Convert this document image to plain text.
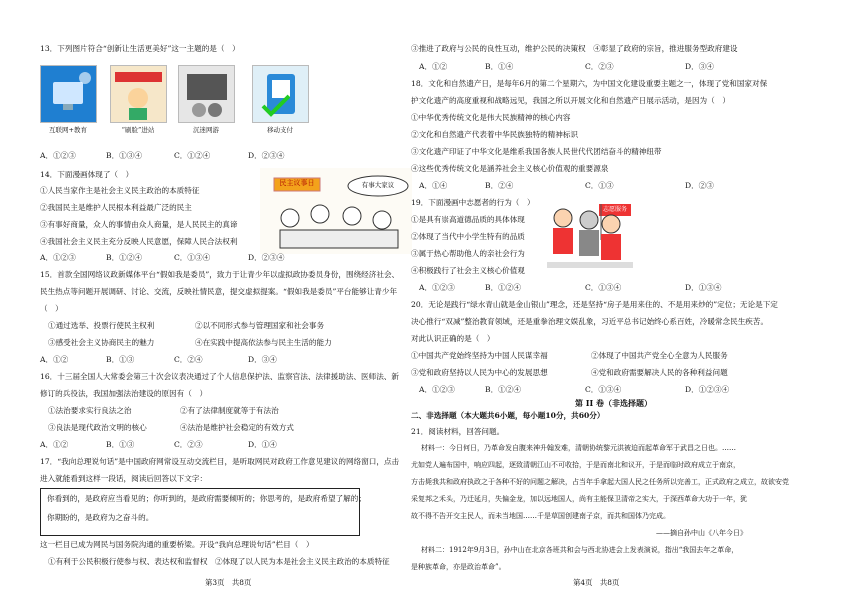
13．下列图片符合“创新让生活更美好”这一主题的是（　）
互联网+教育	“刷脸”进站	沉迷网游	移动支付
A．①②③	B．①③④	C．①②④	D．②③④
14．下面漫画体现了（　）
①人民当家作主是社会主义民主政治的本质特征
②我国民主是维护人民根本利益最广泛的民主
③有事好商量，众人的事情由众人商量，是人民民主的真谛
④我国社会主义民主充分反映人民意愿，保障人民合法权利
民主议事日	有事大家议
A．①②③	B．①②④	C．①③④	D．②③④
15．首款全国网络议政新媒体平台“假如我是委员”，致力于让青少年以虚拟政协委员身份，围绕经济社会、
民生热点等问题开展调研、讨论、交流，反映社情民意，提交虚拟提案。“假如我是委员”平台能够让青少年
（　）
①通过选举、投票行使民主权利	②以不同形式参与管理国家和社会事务
③感受社会主义协商民主的魅力	④在实践中提高依法参与民主生活的能力
A．①②	B．①③	C．②④	D．③④
16．十三届全国人大常委会第三十次会议表决通过了个人信息保护法、监察官法、法律援助法、医师法、新
修订的兵役法，我国加强法治建设的原因有（　）
①法治要求实行良法之治	②有了法律制度就等于有法治
③良法是现代政治文明的核心	④法治是维护社会稳定的有效方式
A．①②	B．①③	C．②③	D．①④
17．“我向总理说句话”是中国政府网常设互动交流栏目，是听取网民对政府工作意见建议的网络窗口，点击
进入就能看到这样一段话，阅读后回答以下文字：
你看到的，是政府应当看见的；你听到的，是政府需要倾听的；你思考的，是政府希望了解的；
你期盼的，是政府为之奋斗的。
这一栏目已成为网民与国务院沟通的重要桥梁。开设“我向总理说句话”栏目（　）
①有利于公民积极行使参与权、表达权和监督权 ②体现了以人民为本是社会主义民主政治的本质特征
第3页　共8页
③推进了政府与公民的良性互动，维护公民的决策权　④彰显了政府的宗旨，推进服务型政府建设
A．①②	B．①④	C．②③	D．③④
18．文化和自然遗产日，是每年6月的第二个星期六，为中国文化建设重要主题之一，体现了党和国家对保
护文化遗产的高度重视和战略远见，我国之所以开展文化和自然遗产日展示活动，是因为（　）
①中华优秀传统文化是伟大民族精神的核心内容
②文化和自然遗产代表着中华民族独特的精神标识
③文化遗产印证了中华文化是维系我国各族人民世代代团结奋斗的精神纽带
④这些优秀传统文化是涵养社会主义核心价值观的重要源泉
A．①④	B．②④	C．①③	D．②③
19．下面漫画中志愿者的行为（　）
①是具有崇高道德品质的具体体现
②体现了当代中小学生特有的品质
③属于热心帮助他人的亲社会行为
④积极践行了社会主义核心价值观
志愿服务
A．①②③	B．①②④	C．①③④	D．①③④
20．无论是践行“绿水青山就是金山银山”理念，还是坚持“房子是用来住的、不是用来炒的”定位；无论是下定
决心推行“双减”整治教育领域，还是重拳治理文娱乱象，习近平总书记始终心系百姓，冷暖常念民生疾苦。
对此认识正确的是（　）
①中国共产党始终坚持为中国人民谋幸福	②体现了中国共产党全心全意为人民服务
③党和政府坚持以人民为中心的发展思想	④党和政府需要解决人民的各种利益问题
A．①②③	B．①②④	C．①③④	D．①②③④
第 II 卷（非选择题）
二、非选择题（本大题共6小题，每小题10分，共60分）
21．阅读材料，回答问题。
材料一：今日何日，乃革命发自腹来神升翰发难，清朝协统黎元洪被迫而起革命军于武昌之日也。……
尤如党人遍布国中，响应四起，逐致清朝江山不可收拾，于是而南北和议开，于是而临时政府成立于南京，
方击毙我共和政府执政之于各种不好的问题之解决，占当年手拿起大国人民之任务所以完善工，正式政府之成立，故欲安党
采复邦之禾头，乃迁延月，失偏金龙，加以远地国人，尚有主能保卫清帝之实大，于深西革命大功于一年，犹
故不得不告开交主民人，而未当地国……千是草国创建南子京，而共和国体乃完成。
——摘自孙中山《八年今日》
材料二：1912年9月3日，孙中山在北京各班共和会与西北协进会上发表演说，指出“我国去年之革命，
是种族革命，亦是政治革命”。
第4页　共8页
